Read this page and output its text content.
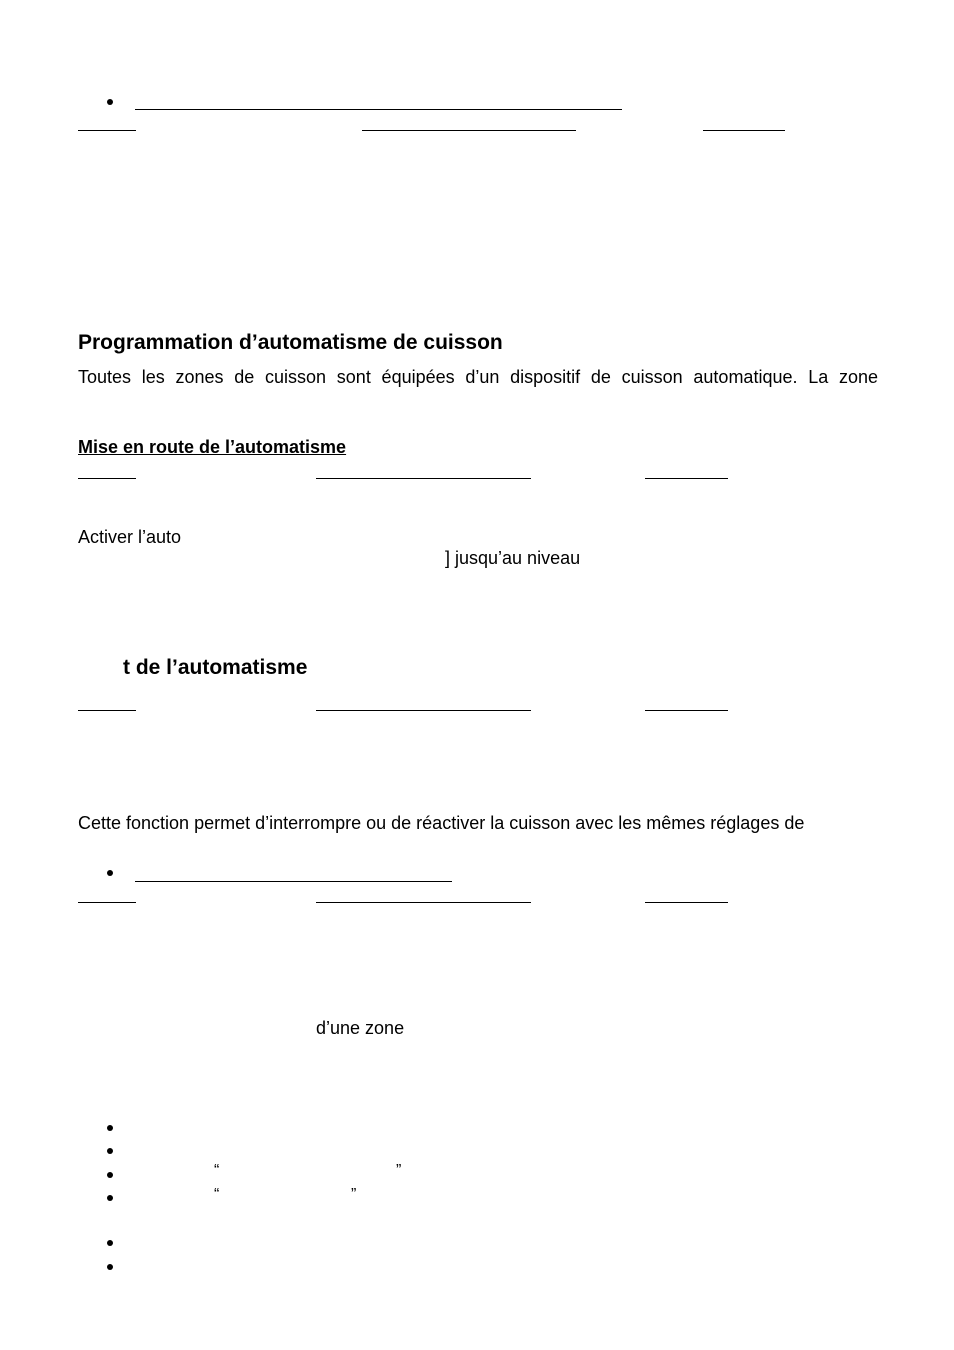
Programmation d’automatisme de cuisson
Toutes les zones de cuisson sont équipées d’un dispositif de cuisson automatique. La zone
Mise en route de l’automatisme
Activer l’auto
] jusqu’au niveau
t de l’automatisme
Cette fonction permet d’interrompre ou de réactiver la cuisson avec les mêmes réglages de
d’une zone
“	”
“	”
